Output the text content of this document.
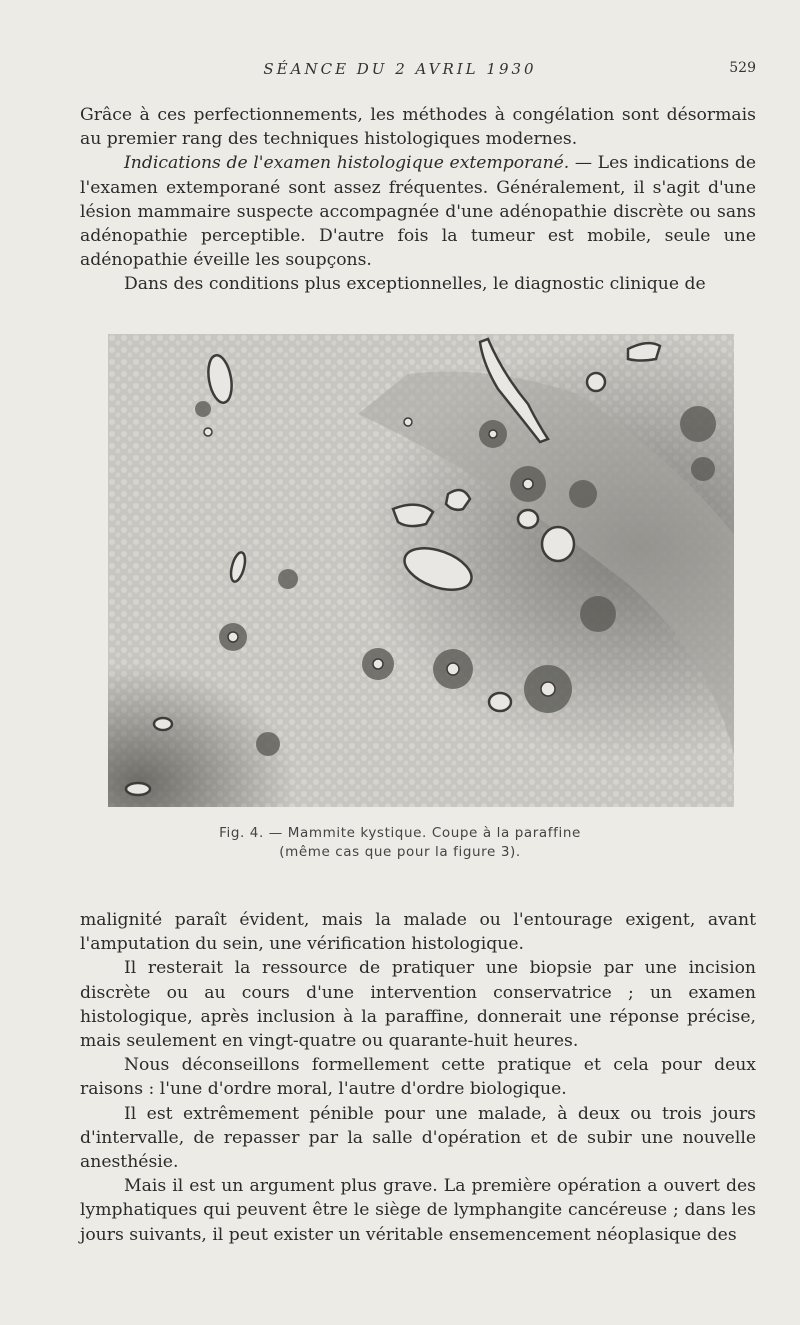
SÉANCE DU 2 AVRIL 1930	529

Grâce à ces perfectionnements, les méthodes à congélation sont désormais au premier rang des techniques histologiques modernes.

Indications de l'examen histologique extemporané. — Les indications de l'examen extemporané sont assez fréquentes. Généralement, il s'agit d'une lésion mammaire suspecte accompagnée d'une adénopathie discrète ou sans adénopathie perceptible. D'autre fois la tumeur est mobile, seule une adénopathie éveille les soupçons.

Dans des conditions plus exceptionnelles, le diagnostic clinique de

Fig. 4. — Mammite kystique. Coupe à la paraffine
(même cas que pour la figure 3).

malignité paraît évident, mais la malade ou l'entourage exigent, avant l'amputation du sein, une vérification histologique.

Il resterait la ressource de pratiquer une biopsie par une incision discrète ou au cours d'une intervention conservatrice ; un examen histologique, après inclusion à la paraffine, donnerait une réponse précise, mais seulement en vingt-quatre ou quarante-huit heures.

Nous déconseillons formellement cette pratique et cela pour deux raisons : l'une d'ordre moral, l'autre d'ordre biologique.

Il est extrêmement pénible pour une malade, à deux ou trois jours d'intervalle, de repasser par la salle d'opération et de subir une nouvelle anesthésie.

Mais il est un argument plus grave. La première opération a ouvert des lymphatiques qui peuvent être le siège de lymphangite cancéreuse ; dans les jours suivants, il peut exister un véritable ensemencement néoplasique des
